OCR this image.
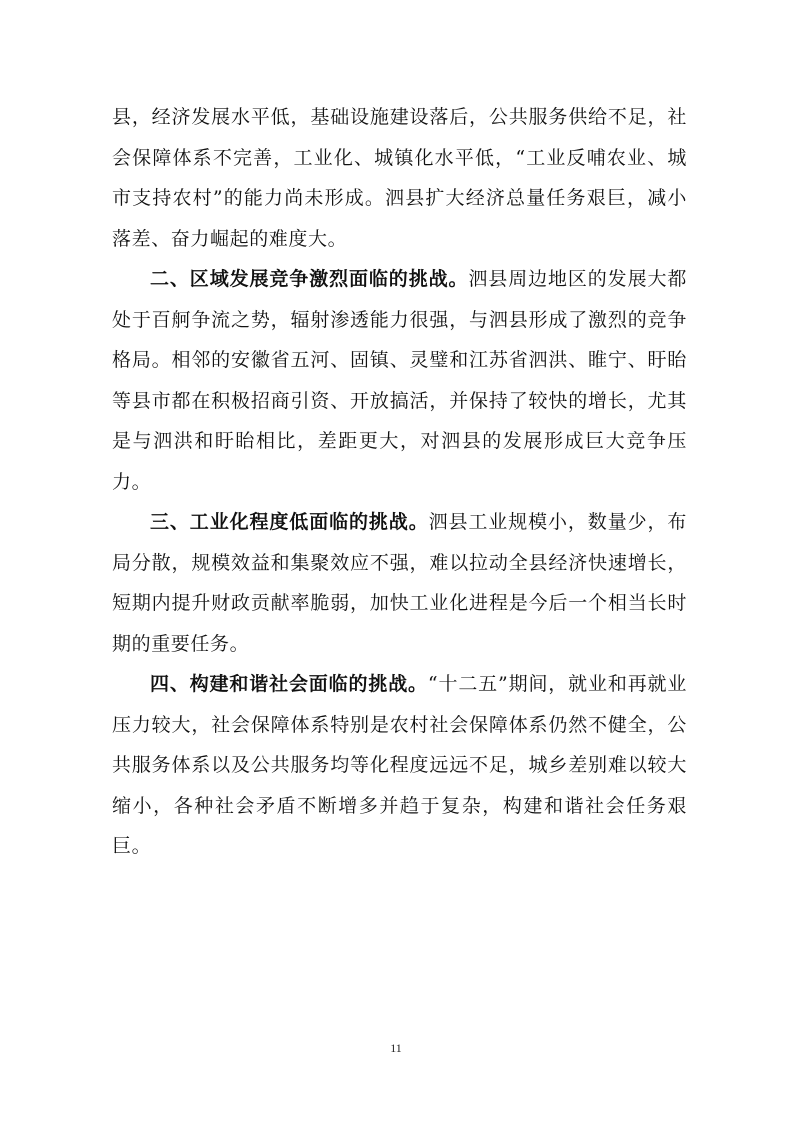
县，经济发展水平低，基础设施建设落后，公共服务供给不足，社会保障体系不完善，工业化、城镇化水平低，“工业反哺农业、城市支持农村”的能力尚未形成。泗县扩大经济总量任务艰巨，减小落差、奋力崛起的难度大。

二、区域发展竞争激烈面临的挑战。泗县周边地区的发展大都处于百舸争流之势，辐射渗透能力很强，与泗县形成了激烈的竞争格局。相邻的安徽省五河、固镇、灵璧和江苏省泗洪、睢宁、盱眙等县市都在积极招商引资、开放搞活，并保持了较快的增长，尤其是与泗洪和盱眙相比，差距更大，对泗县的发展形成巨大竞争压力。

三、工业化程度低面临的挑战。泗县工业规模小，数量少，布局分散，规模效益和集聚效应不强，难以拉动全县经济快速增长，短期内提升财政贡献率脆弱，加快工业化进程是今后一个相当长时期的重要任务。

四、构建和谐社会面临的挑战。“十二五”期间，就业和再就业压力较大，社会保障体系特别是农村社会保障体系仍然不健全，公共服务体系以及公共服务均等化程度远远不足，城乡差别难以较大缩小，各种社会矛盾不断增多并趋于复杂，构建和谐社会任务艰巨。

11
